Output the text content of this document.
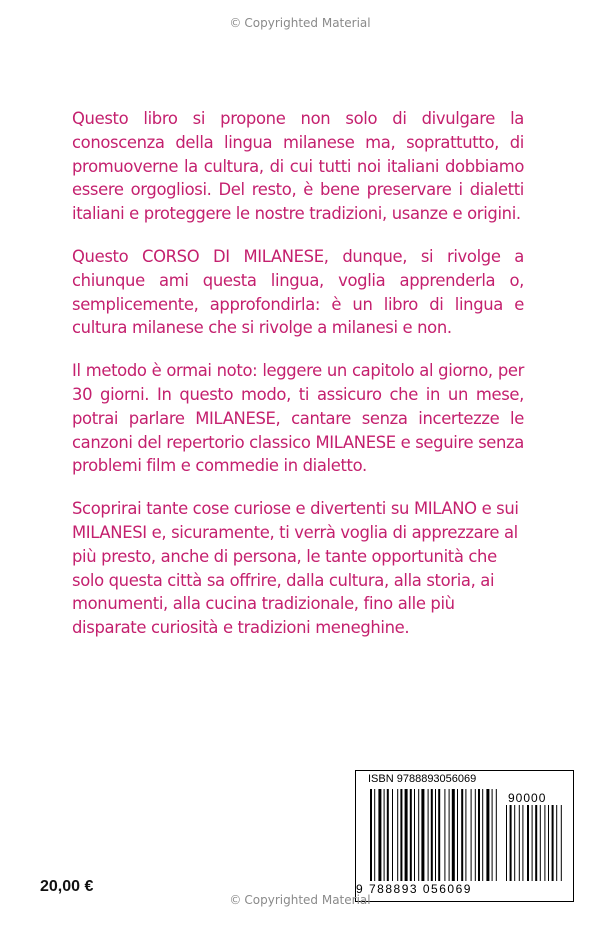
© Copyrighted Material

Questo libro si propone non solo di divulgare la conoscenza della lingua milanese ma, soprattutto, di promuoverne la cultura, di cui tutti noi italiani dobbiamo essere orgogliosi. Del resto, è bene preservare i dialetti italiani e proteggere le nostre tradizioni, usanze e origini.

Questo CORSO DI MILANESE, dunque, si rivolge a chiunque ami questa lingua, voglia apprenderla o, semplicemente, approfondirla: è un libro di lingua e cultura milanese che si rivolge a milanesi e non.

Il metodo è ormai noto: leggere un capitolo al giorno, per 30 giorni. In questo modo, ti assicuro che in un mese, potrai parlare MILANESE, cantare senza incertezze le canzoni del repertorio classico MILANESE e seguire senza problemi film e commedie in dialetto.

Scoprirai tante cose curiose e divertenti su MILANO e sui MILANESI e, sicuramente, ti verrà voglia di apprezzare al più presto, anche di persona, le tante opportunità che solo questa città sa offrire, dalla cultura, alla storia, ai monumenti, alla cucina tradizionale, fino alle più disparate curiosità e tradizioni meneghine.

ISBN 9788893056069
90000
9 788893 056069
20,00 €
© Copyrighted Material
